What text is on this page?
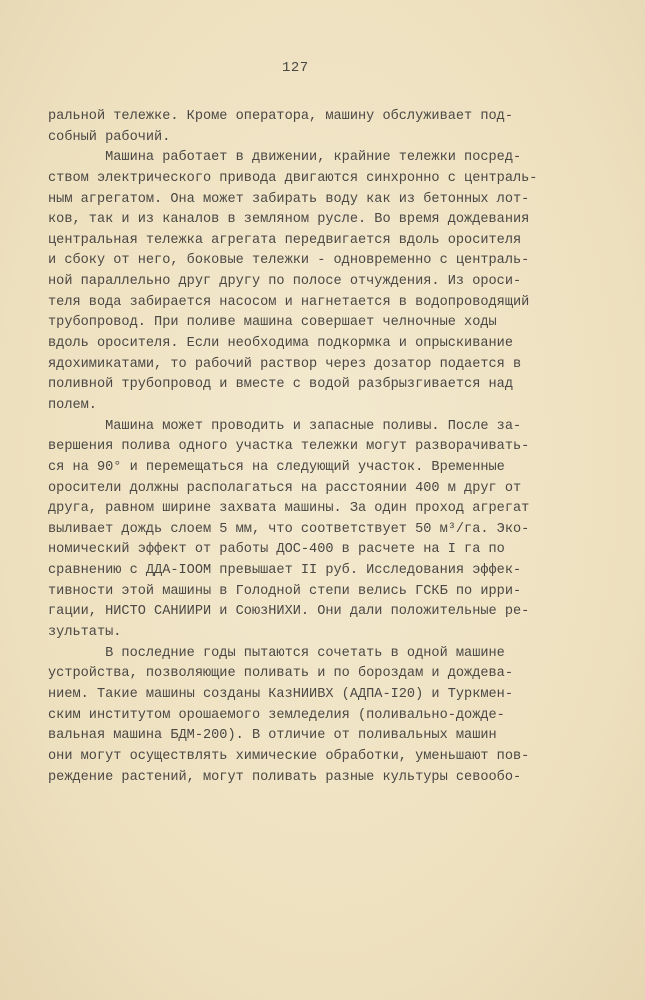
127
ральной тележке. Кроме оператора, машину обслуживает под-
собный рабочий.
Машина работает в движении, крайние тележки посред-
ством электрического привода двигаются синхронно с централь-
ным агрегатом. Она может забирать воду как из бетонных лот-
ков, так и из каналов в земляном русле. Во время дождевания
центральная тележка агрегата передвигается вдоль оросителя
и сбоку от него, боковые тележки - одновременно с централь-
ной параллельно друг другу по полосе отчуждения. Из ороси-
теля вода забирается насосом и нагнетается в водопроводящий
трубопровод. При поливе машина совершает челночные ходы
вдоль оросителя. Если необходима подкормка и опрыскивание
ядохимикатами, то рабочий раствор через дозатор подается в
поливной трубопровод и вместе с водой разбрызгивается над
полем.
Машина может проводить и запасные поливы. После за-
вершения полива одного участка тележки могут разворачивать-
ся на 90° и перемещаться на следующий участок. Временные
оросители должны располагаться на расстоянии 400 м друг от
друга, равном ширине захвата машины. За один проход агрегат
выливает дождь слоем 5 мм, что соответствует 50 м³/га. Эко-
номический эффект от работы ДОС-400 в расчете на I га по
сравнению с ДДА-IOOМ превышает II руб. Исследования эффек-
тивности этой машины в Голодной степи велись ГСКБ по ирри-
гации, НИСТО САНИИРИ и СоюзНИХИ. Они дали положительные ре-
зультаты.
В последние годы пытаются сочетать в одной машине
устройства, позволяющие поливать и по бороздам и дождева-
нием. Такие машины созданы КазНИИВХ (АДПА-I20) и Туркмен-
ским институтом орошаемого земледелия (поливально-дожде-
вальная машина БДМ-200). В отличие от поливальных машин
они могут осуществлять химические обработки, уменьшают пов-
реждение растений, могут поливать разные культуры севообо-
